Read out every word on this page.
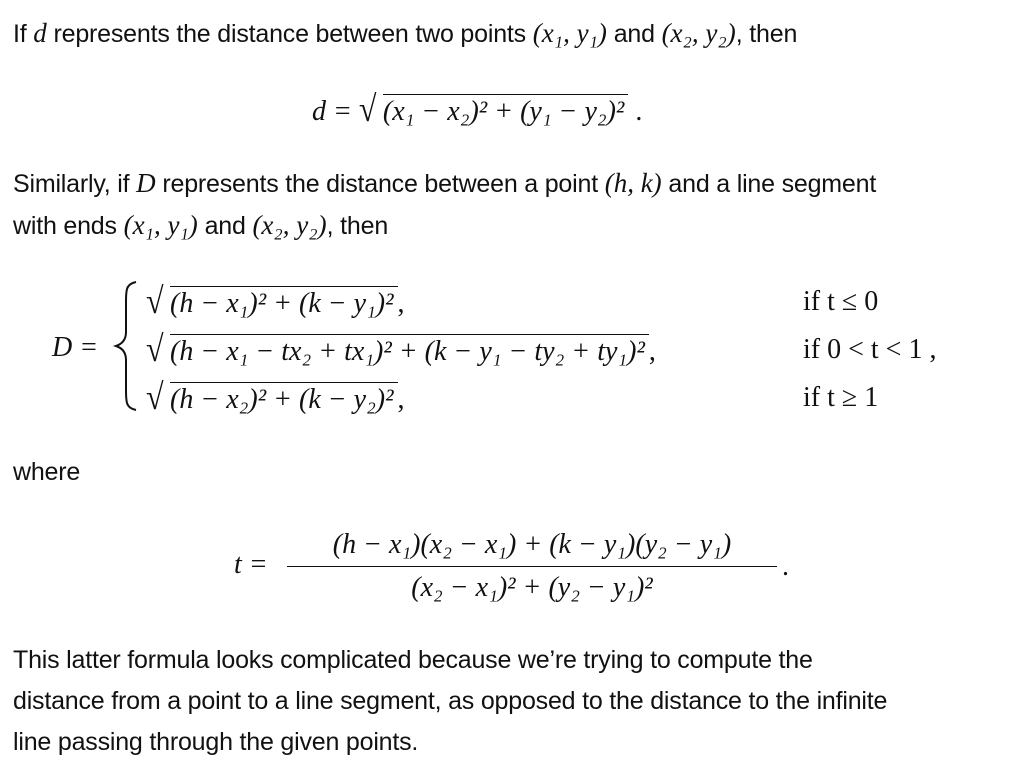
If d represents the distance between two points (x₁, y₁) and (x₂, y₂), then
d = √ (x₁ − x₂)² + (y₁ − y₂)² .
Similarly, if D represents the distance between a point (h, k) and a line segment
with ends (x₁, y₁) and (x₂, y₂), then
D =
√ (h − x₁)² + (k − y₁)² ,	if t ≤ 0
√ (h − x₁ − tx₂ + tx₁)² + (k − y₁ − ty₂ + ty₁)² ,	if 0 < t < 1 ,
√ (h − x₂)² + (k − y₂)² ,	if t ≥ 1
where
t =
(h − x₁)(x₂ − x₁) + (k − y₁)(y₂ − y₁)
(x₂ − x₁)² + (y₂ − y₁)²
.
This latter formula looks complicated because we’re trying to compute the
distance from a point to a line segment, as opposed to the distance to the infinite
line passing through the given points.
